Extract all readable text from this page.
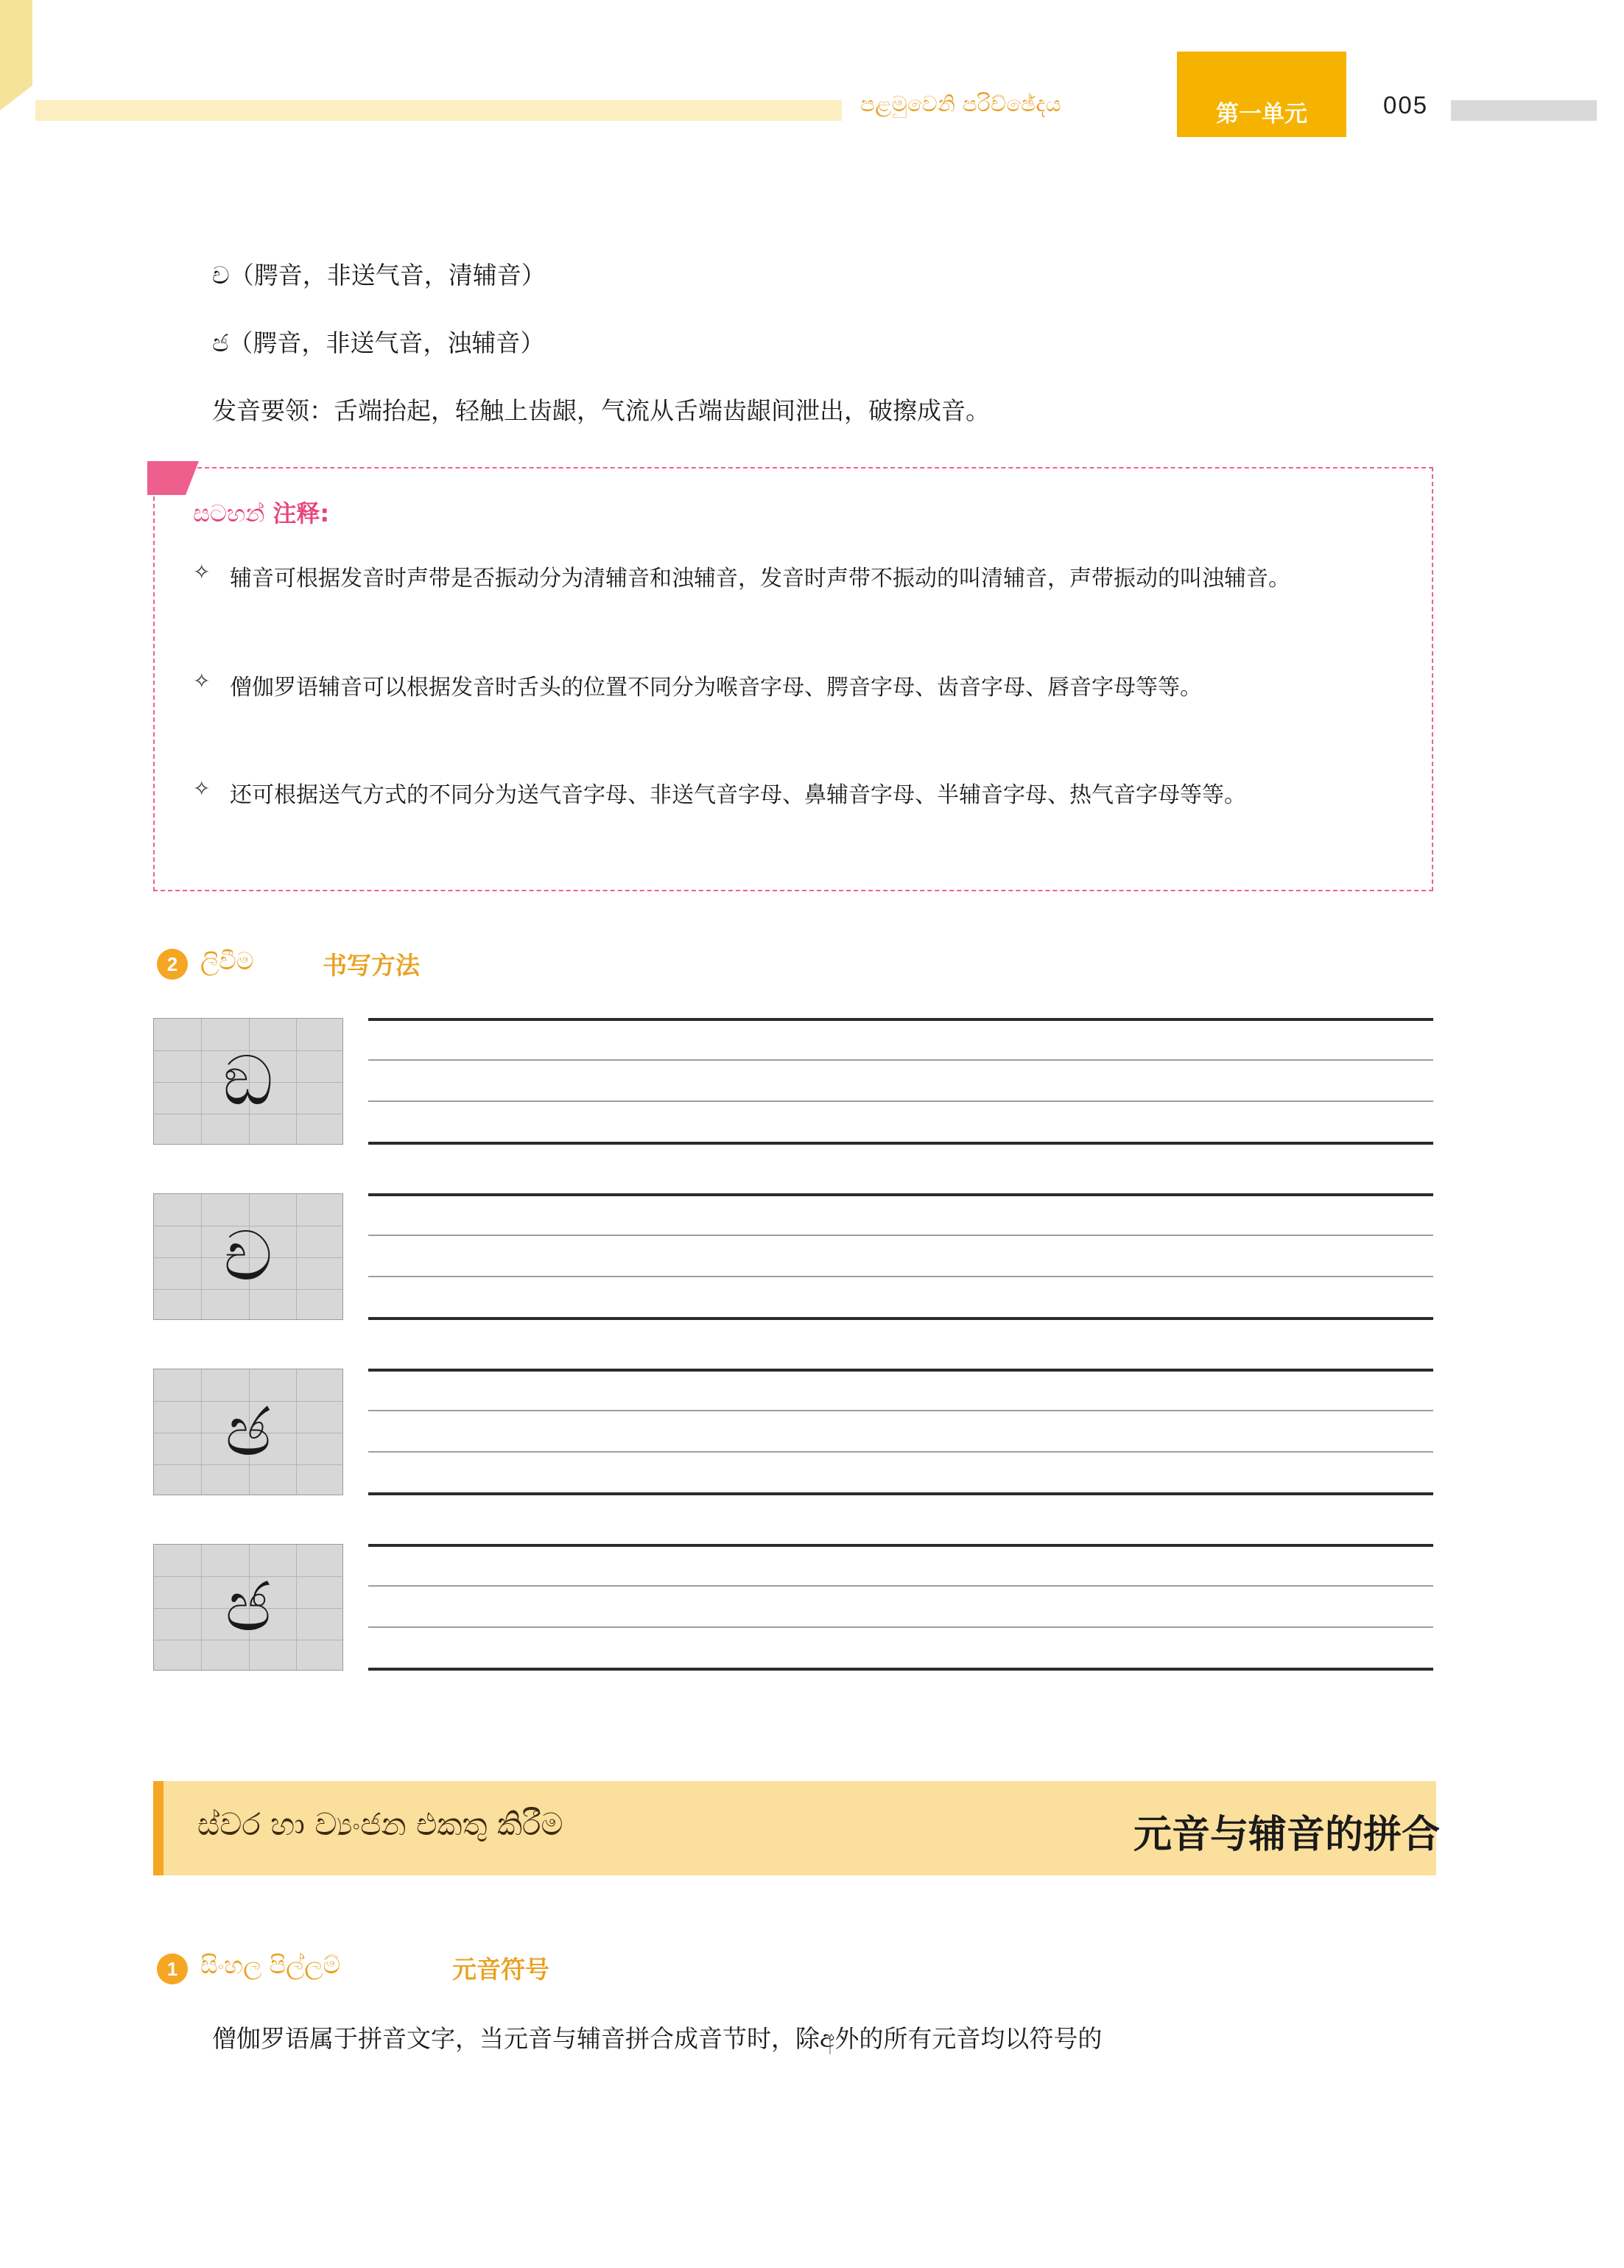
පළමුවෙනි පරිච්ඡේදය	第一单元	005
ච（腭音，非送气音，清辅音）
ජ（腭音，非送气音，浊辅音）
发音要领：舌端抬起，轻触上齿龈，气流从舌端齿龈间泄出，破擦成音。
සටහන් 注释:
✧ 辅音可根据发音时声带是否振动分为清辅音和浊辅音，发音时声带不振动的叫清辅音，声带振动的叫浊辅音。
✧ 僧伽罗语辅音可以根据发音时舌头的位置不同分为喉音字母、腭音字母、齿音字母、唇音字母等等。
✧ 还可根据送气方式的不同分为送气音字母、非送气音字母、鼻辅音字母、半辅音字母、热气音字母等等。
2 ලිවීම	书写方法
ඞ
ච
ඡ
ජ
ස්වර හා ව්‍යංජන එකතු කිරීම	元音与辅音的拼合
1 සිංහල පිල්ලම්	元音符号
僧伽罗语属于拼音文字，当元音与辅音拼合成音节时，除අ外的所有元音均以符号的
